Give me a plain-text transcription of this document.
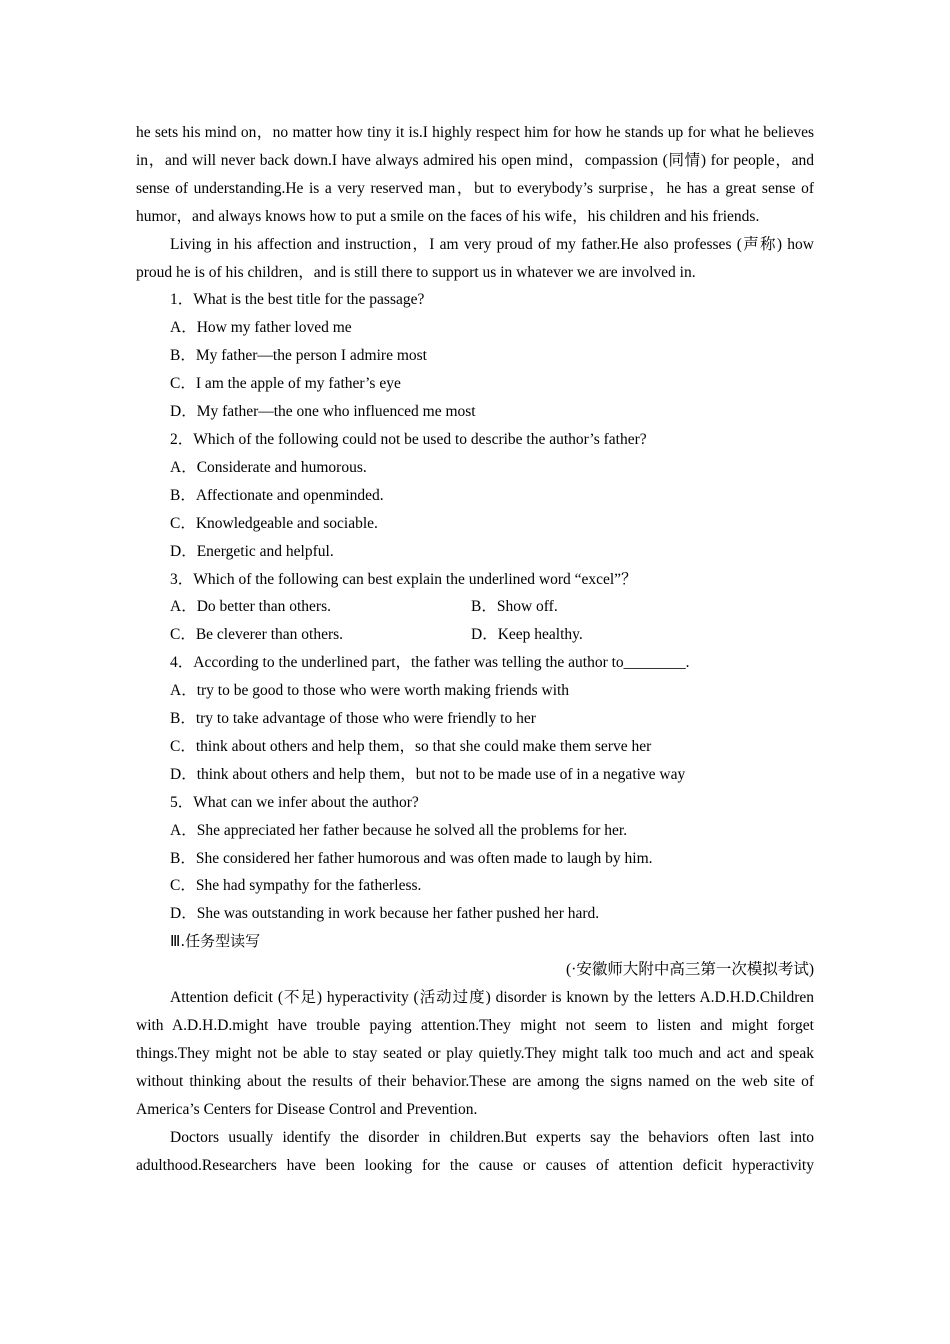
he sets his mind on，no matter how tiny it is.I highly respect him for how he stands up for what he believes in，and will never back down.I have always admired his open mind，compassion (同情) for people，and sense of understanding.He is a very reserved man，but to everybody’s surprise，he has a great sense of humor，and always knows how to put a smile on the faces of his wife，his children and his friends.

Living in his affection and instruction，I am very proud of my father.He also professes (声称) how proud he is of his children，and is still there to support us in whatever we are involved in.

1．What is the best title for the passage?
A．How my father loved me
B．My father—the person I admire most
C．I am the apple of my father’s eye
D．My father—the one who influenced me most
2．Which of the following could not be used to describe the author’s father?
A．Considerate and humorous.
B．Affectionate and openminded.
C．Knowledgeable and sociable.
D．Energetic and helpful.
3．Which of the following can best explain the underlined word “excel”？
A．Do better than others.	B．Show off.
C．Be cleverer than others.	D．Keep healthy.
4．According to the underlined part，the father was telling the author to________.
A．try to be good to those who were worth making friends with
B．try to take advantage of those who were friendly to her
C．think about others and help them，so that she could make them serve her
D．think about others and help them，but not to be made use of in a negative way
5．What can we infer about the author?
A．She appreciated her father because he solved all the problems for her.
B．She considered her father humorous and was often made to laugh by him.
C．She had sympathy for the fatherless.
D．She was outstanding in work because her father pushed her hard.
Ⅲ.任务型读写
(·安徽师大附中高三第一次模拟考试)

Attention deficit (不足) hyperactivity (活动过度) disorder is known by the letters A.D.H.D.Children with A.D.H.D.might have trouble paying attention.They might not seem to listen and might forget things.They might not be able to stay seated or play quietly.They might talk too much and act and speak without thinking about the results of their behavior.These are among the signs named on the web site of America’s Centers for Disease Control and Prevention.

Doctors usually identify the disorder in children.But experts say the behaviors often last into adulthood.Researchers have been looking for the cause or causes of attention deficit hyperactivity
